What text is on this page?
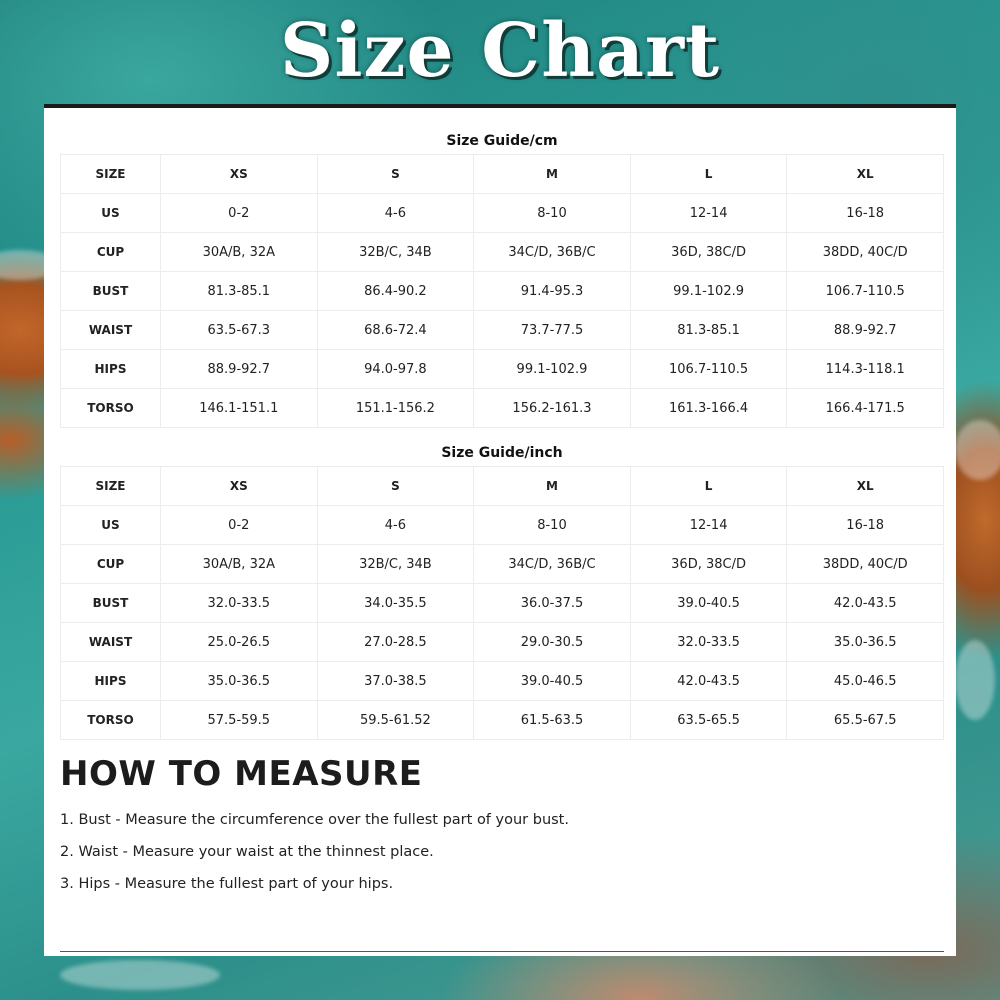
Size Chart
Size Guide/cm
SIZE	XS	S	M	L	XL
US	0-2	4-6	8-10	12-14	16-18
CUP	30A/B, 32A	32B/C, 34B	34C/D, 36B/C	36D, 38C/D	38DD, 40C/D
BUST	81.3-85.1	86.4-90.2	91.4-95.3	99.1-102.9	106.7-110.5
WAIST	63.5-67.3	68.6-72.4	73.7-77.5	81.3-85.1	88.9-92.7
HIPS	88.9-92.7	94.0-97.8	99.1-102.9	106.7-110.5	114.3-118.1
TORSO	146.1-151.1	151.1-156.2	156.2-161.3	161.3-166.4	166.4-171.5
Size Guide/inch
SIZE	XS	S	M	L	XL
US	0-2	4-6	8-10	12-14	16-18
CUP	30A/B, 32A	32B/C, 34B	34C/D, 36B/C	36D, 38C/D	38DD, 40C/D
BUST	32.0-33.5	34.0-35.5	36.0-37.5	39.0-40.5	42.0-43.5
WAIST	25.0-26.5	27.0-28.5	29.0-30.5	32.0-33.5	35.0-36.5
HIPS	35.0-36.5	37.0-38.5	39.0-40.5	42.0-43.5	45.0-46.5
TORSO	57.5-59.5	59.5-61.52	61.5-63.5	63.5-65.5	65.5-67.5
HOW TO MEASURE

1. Bust - Measure the circumference over the fullest part of your bust.

2. Waist - Measure your waist at the thinnest place.

3. Hips - Measure the fullest part of your hips.
